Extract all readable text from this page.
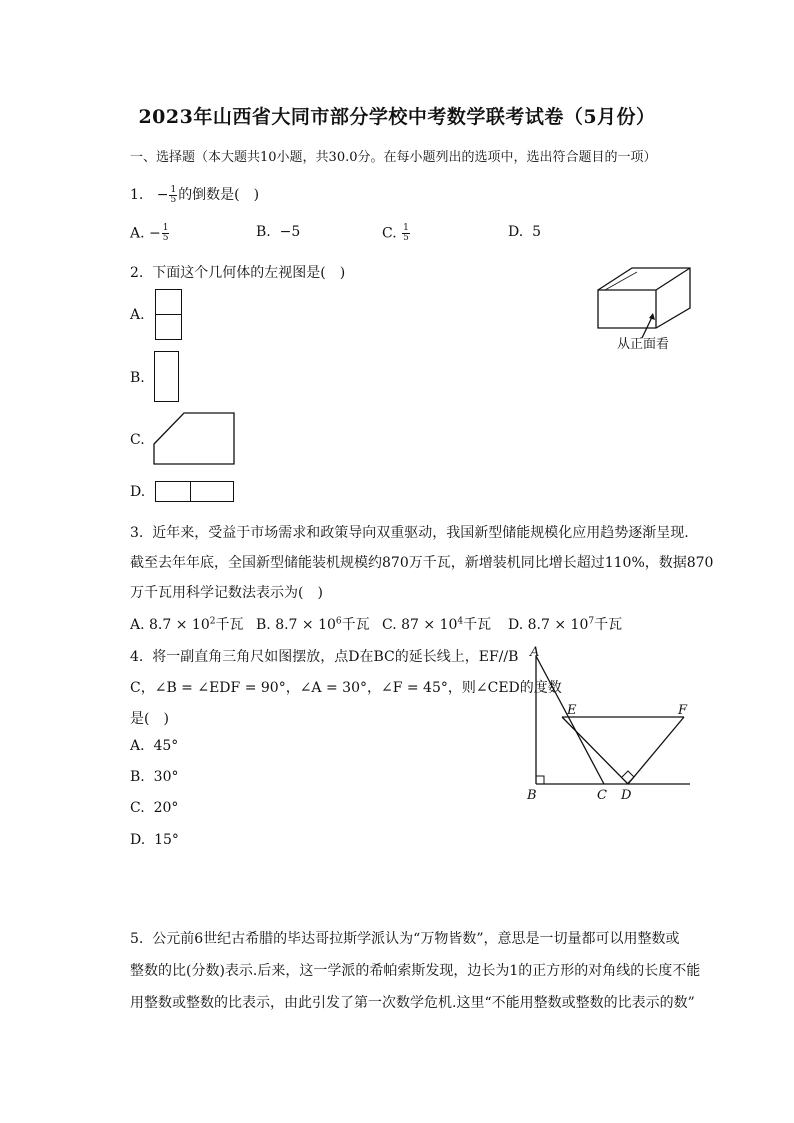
2023年山西省大同市部分学校中考数学联考试卷（5月份）
一、选择题（本大题共10小题，共30.0分。在每小题列出的选项中，选出符合题目的一项）
1. − $\frac{1}{5}$ 的倒数是( )
A. − $\frac{1}{5}$	B. −5	C. $\frac{1}{5}$	D. 5
2. 下面这个几何体的左视图是( )
从正面看
A.
B.
C.
D.
3. 近年来，受益于市场需求和政策导向双重驱动，我国新型储能规模化应用趋势逐渐呈现.
截至去年年底，全国新型储能装机规模约870万千瓦，新增装机同比增长超过110%，数据870
万千瓦用科学记数法表示为( )
A. $8.7 \times 10^2$千瓦 B. $8.7 \times 10^6$千瓦 C. $87 \times 10^4$千瓦 D. $8.7 \times 10^7$千瓦
4. 将一副直角三角尺如图摆放，点D在BC的延长线上，EF//B
C，∠B = ∠EDF = 90°，∠A = 30°，∠F = 45°，则∠CED的度数
是( )
A. 45°
B. 30°
C. 20°
D. 15°
A
B	C D
E	F
5. 公元前6世纪古希腊的毕达哥拉斯学派认为“万物皆数”，意思是一切量都可以用整数或
整数的比(分数)表示.后来，这一学派的希帕索斯发现，边长为1的正方形的对角线的长度不能
用整数或整数的比表示，由此引发了第一次数学危机.这里“不能用整数或整数的比表示的数”
